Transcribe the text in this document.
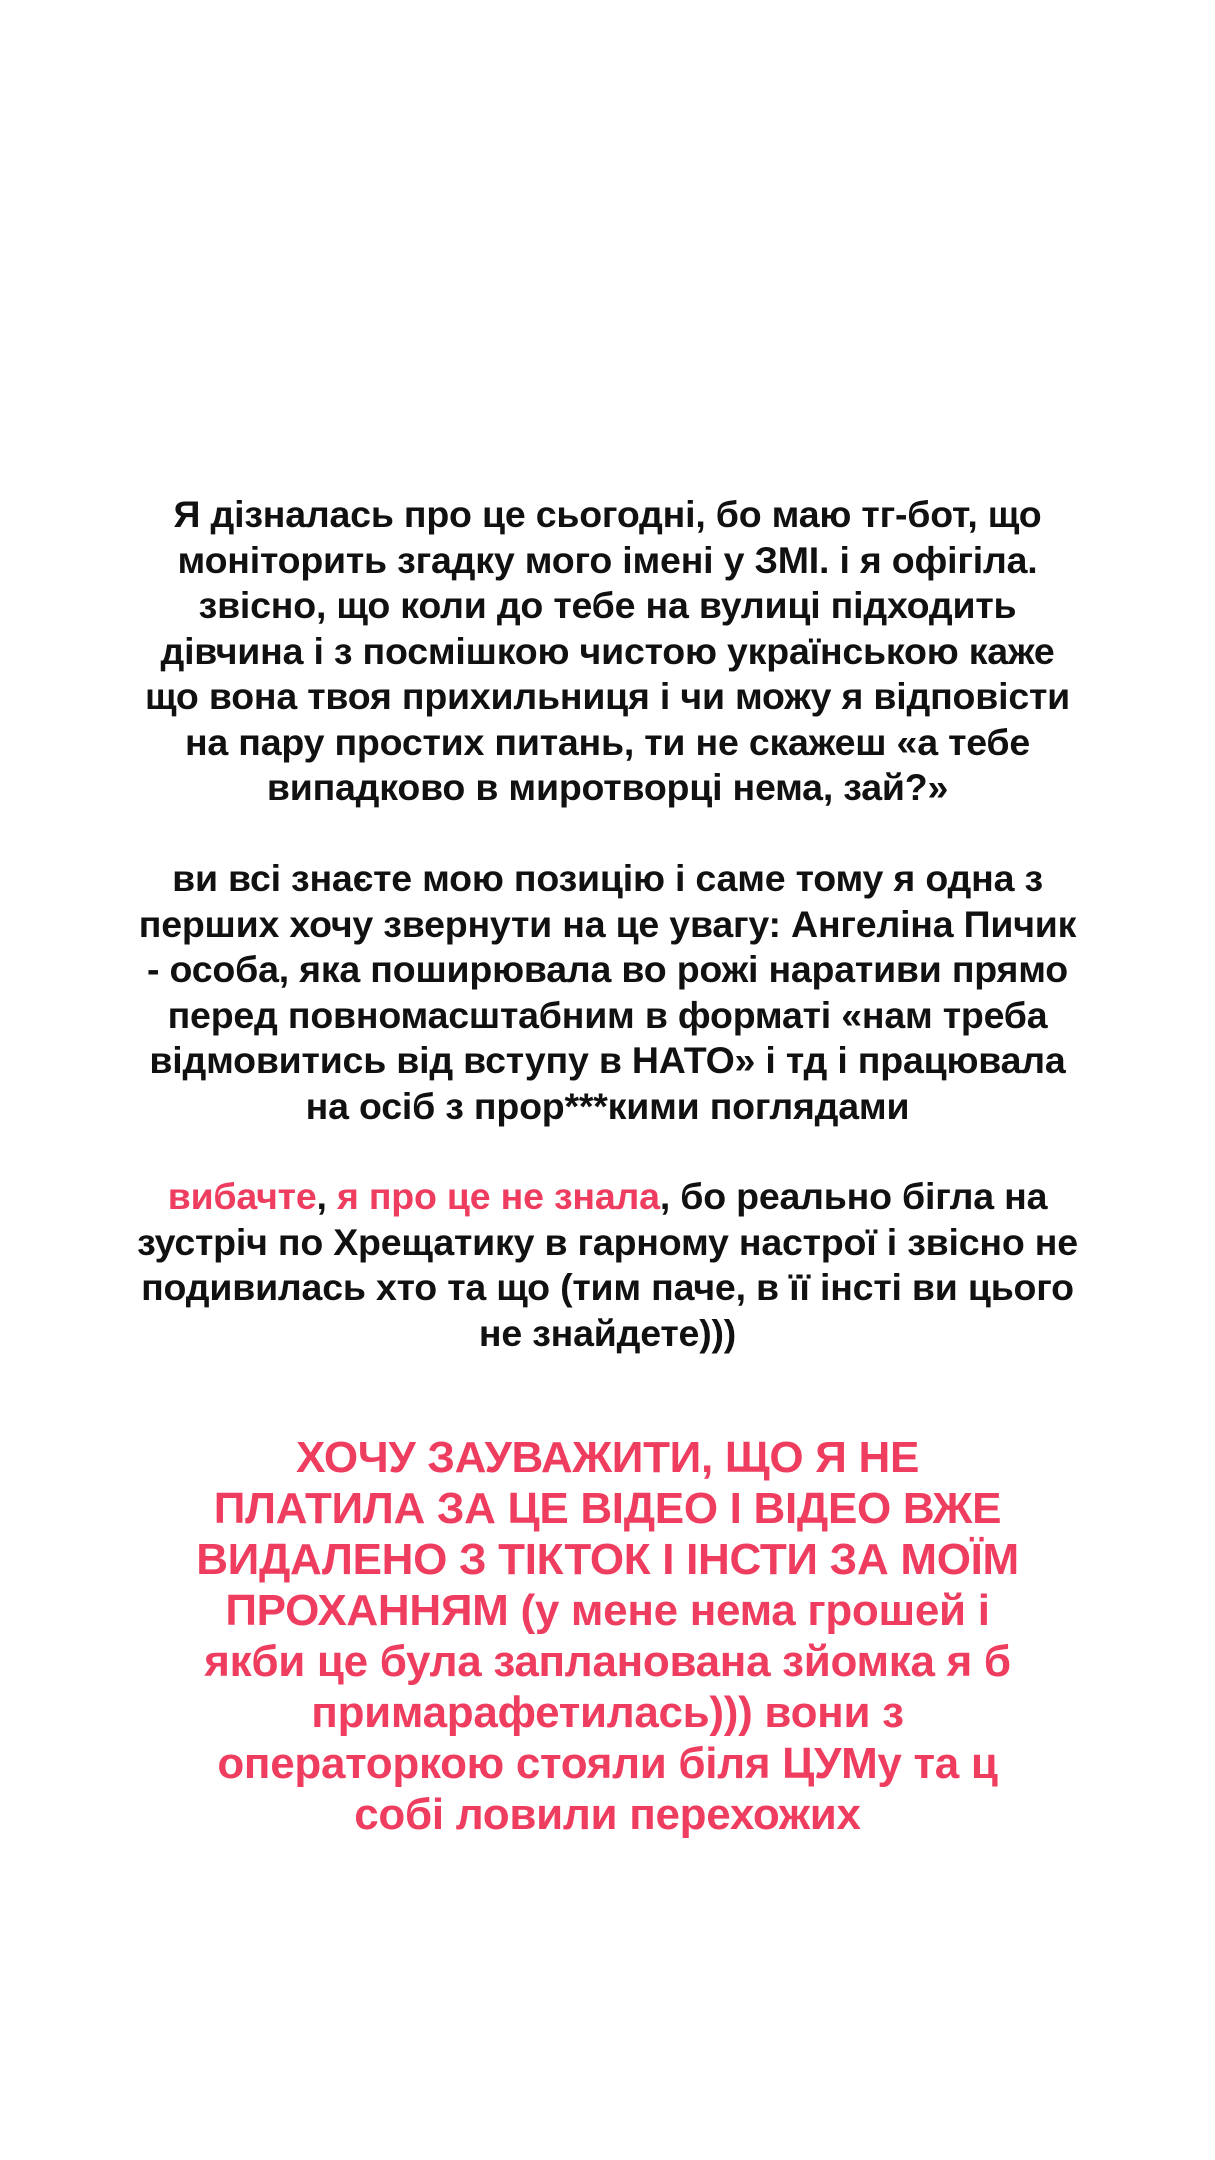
Я дізналась про це сьогодні, бо маю тг-бот, що
моніторить згадку мого імені у ЗМІ. і я офігіла.
звісно, що коли до тебе на вулиці підходить
дівчина і з посмішкою чистою українською каже
що вона твоя прихильниця і чи можу я відповісти
на пару простих питань, ти не скажеш «а тебе
випадково в миротворці нема, зай?»
ви всі знаєте мою позицію і саме тому я одна з
перших хочу звернути на це увагу: Ангеліна Пичик
- особа, яка поширювала во рожі наративи прямо
перед повномасштабним в форматі «нам треба
відмовитись від вступу в НАТО» і тд і працювала
на осіб з прор***кими поглядами
вибачте, я про це не знала, бо реально бігла на
зустріч по Хрещатику в гарному настрої і звісно не
подивилась хто та що (тим паче, в її інсті ви цього
не знайдете)))
ХОЧУ ЗАУВАЖИТИ, ЩО Я НЕ
ПЛАТИЛА ЗА ЦЕ ВІДЕО І ВІДЕО ВЖЕ
ВИДАЛЕНО З ТІКТОК І ІНСТИ ЗА МОЇМ
ПРОХАННЯМ (у мене нема грошей і
якби це була запланована зйомка я б
примарафетилась))) вони з
операторкою стояли біля ЦУМу та ц
собі ловили перехожих
